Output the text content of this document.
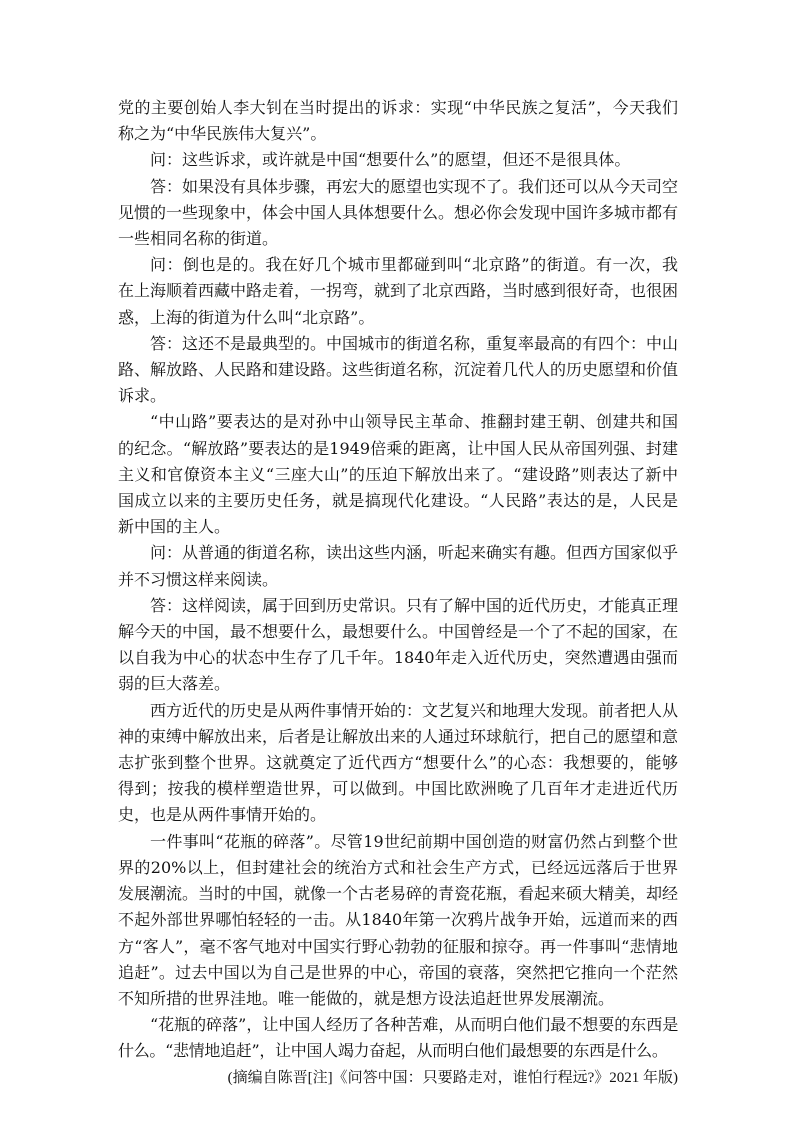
党的主要创始人李大钊在当时提出的诉求：实现“中华民族之复活”，今天我们称之为“中华民族伟大复兴”。

问：这些诉求，或许就是中国“想要什么”的愿望，但还不是很具体。

答：如果没有具体步骤，再宏大的愿望也实现不了。我们还可以从今天司空见惯的一些现象中，体会中国人具体想要什么。想必你会发现中国许多城市都有一些相同名称的街道。

问：倒也是的。我在好几个城市里都碰到叫“北京路”的街道。有一次，我在上海顺着西藏中路走着，一拐弯，就到了北京西路，当时感到很好奇，也很困惑，上海的街道为什么叫“北京路”。

答：这还不是最典型的。中国城市的街道名称，重复率最高的有四个：中山路、解放路、人民路和建设路。这些街道名称，沉淀着几代人的历史愿望和价值诉求。

“中山路”要表达的是对孙中山领导民主革命、推翻封建王朝、创建共和国的纪念。“解放路”要表达的是1949倍乘的距离，让中国人民从帝国列强、封建主义和官僚资本主义“三座大山”的压迫下解放出来了。“建设路”则表达了新中国成立以来的主要历史任务，就是搞现代化建设。“人民路”表达的是，人民是新中国的主人。

问：从普通的街道名称，读出这些内涵，听起来确实有趣。但西方国家似乎并不习惯这样来阅读。

答：这样阅读，属于回到历史常识。只有了解中国的近代历史，才能真正理解今天的中国，最不想要什么，最想要什么。中国曾经是一个了不起的国家，在以自我为中心的状态中生存了几千年。1840年走入近代历史，突然遭遇由强而弱的巨大落差。

西方近代的历史是从两件事情开始的：文艺复兴和地理大发现。前者把人从神的束缚中解放出来，后者是让解放出来的人通过环球航行，把自己的愿望和意志扩张到整个世界。这就奠定了近代西方“想要什么”的心态：我想要的，能够得到；按我的模样塑造世界，可以做到。中国比欧洲晚了几百年才走进近代历史，也是从两件事情开始的。

一件事叫“花瓶的碎落”。尽管19世纪前期中国创造的财富仍然占到整个世界的20%以上，但封建社会的统治方式和社会生产方式，已经远远落后于世界发展潮流。当时的中国，就像一个古老易碎的青瓷花瓶，看起来硕大精美，却经不起外部世界哪怕轻轻的一击。从1840年第一次鸦片战争开始，远道而来的西方“客人”，毫不客气地对中国实行野心勃勃的征服和掠夺。再一件事叫“悲情地追赶”。过去中国以为自己是世界的中心，帝国的衰落，突然把它推向一个茫然不知所措的世界洼地。唯一能做的，就是想方设法追赶世界发展潮流。

“花瓶的碎落”，让中国人经历了各种苦难，从而明白他们最不想要的东西是什么。“悲情地追赶”，让中国人竭力奋起，从而明白他们最想要的东西是什么。

(摘编自陈晋[注]《问答中国：只要路走对，谁怕行程远?》2021 年版)
